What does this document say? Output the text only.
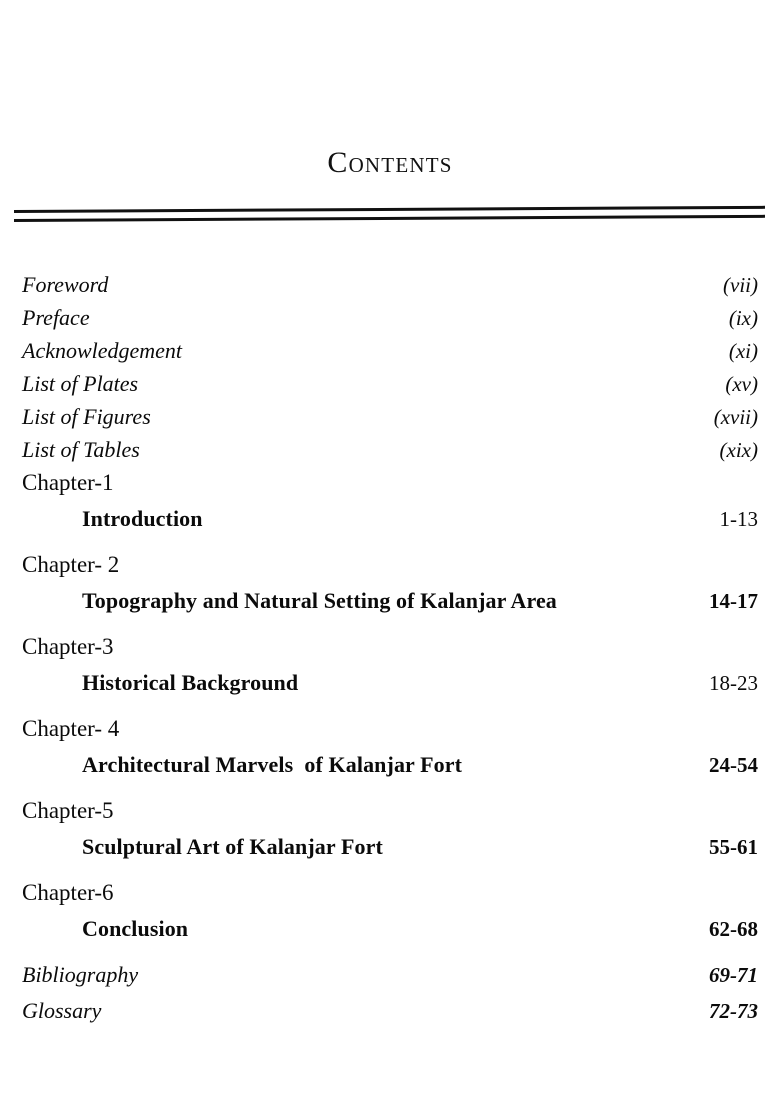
Contents
Foreword	(vii)
Preface	(ix)
Acknowledgement	(xi)
List of Plates	(xv)
List of Figures	(xvii)
List of Tables	(xix)
Chapter-1
Introduction	1-13
Chapter- 2
Topography and Natural Setting of Kalanjar Area	14-17
Chapter-3
Historical Background	18-23
Chapter- 4
Architectural Marvels  of Kalanjar Fort	24-54
Chapter-5
Sculptural Art of Kalanjar Fort	55-61
Chapter-6
Conclusion	62-68
Bibliography	69-71
Glossary	72-73
